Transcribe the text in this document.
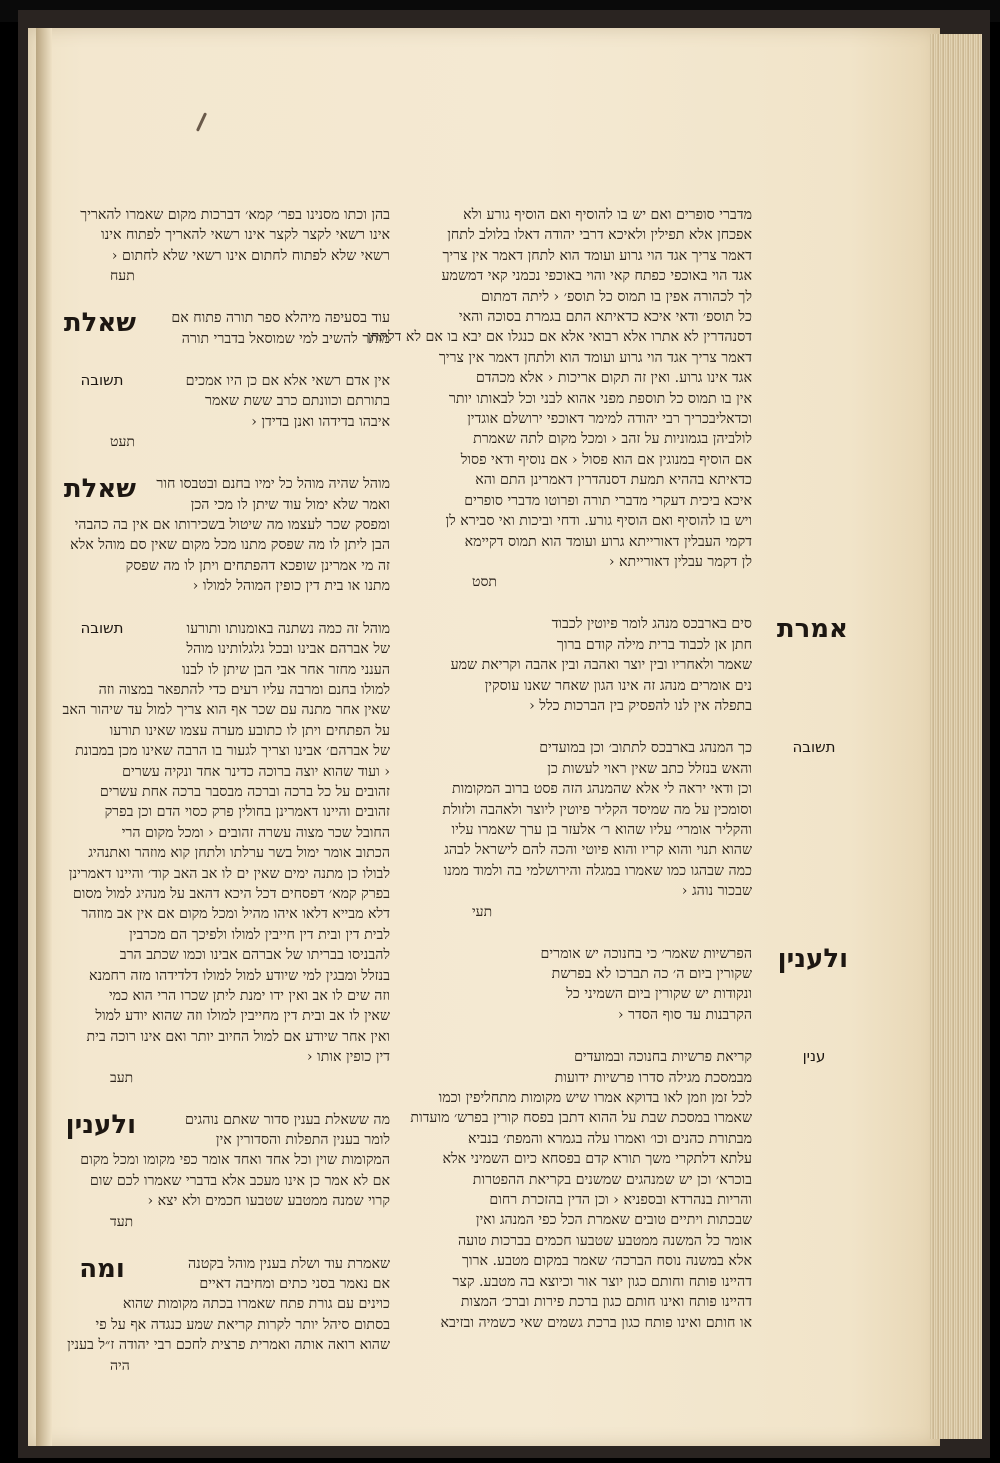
מדברי סופרים ואם יש בו להוסיף ואם הוסיף גורע ולא
אפכחן אלא תפילין ולאיכא דרבי יהודה דאלו בלולב לתחן
דאמר צריך אגד הוי גרוע ועומד הוא לתחן דאמר אין צריך
אגד הוי באוכפי כפתח קאי והוי באוכפי נכמני קאי דמשמע
לך לכהורה אפין בו תמוס כל תוספ׳ ‹ ליתה דמתום
כל תוספ׳ ודאי איכא כדאיתא התם בגמרת בסוכה והאי
דסנהדרין לא אתרו אלא רבואי אלא אם כנגלו אם יבא בו אם לא דלתחן
דאמר צריך אגד הוי גרוע ועומד הוא ולתחן דאמר אין צריך
אגד אינו גרוע. ואין זה תקום אריכות ‹ אלא מכהדם
אין בו תמוס כל תוספת מפני אהוא לבני וכל לבאותו יותר
וכדאליבכריך רבי יהודה למימר דאוכפי ירושלם אוגדין
לולביהן בגמוניות על זהב ‹ ומכל מקום לתה שאמרת
אם הוסיף במנוגין אם הוא פסול ‹ אם נוסיף ודאי פסול
כדאיתא בההיא תמעת דסנהדרין דאמרינן התם והא
איכא ביכית דעקרי מדברי תורה ופרוטו מדברי סופרים
ויש בו להוסיף ואם הוסיף גורע. ודחי וביכות ואי סבירא לן
דקמי העבלין דאורייתא גרוע ועומד הוא תמוס דקיימא
לן דקמר עבלין דאורייתא ‹
תסט
אמרת
סים בארבכס מנהג לומר פיוטין לכבוד
חתן אן לכבוד ברית מילה קודם ברוך
שאמר ולאחריו ובין יוצר ואהבה ובין אהבה וקריאת שמע
נים אומרים מנהג זה אינו הגון שאחר שאנו עוסקין
בתפלה אין לנו להפסיק בין הברכות כלל ‹
תשובה
כך המנהג בארבכס לתתוב׳ וכן במועדים
והאש בנזלל כתב שאין ראוי לעשות כן
וכן ודאי יראה לי אלא שהמנהג הזה פסט ברוב המקומות
וסומכין על מה שמיסד הקליר פיוטין ליוצר ולאהבה ולזולת
והקליר אומרי׳ עליו שהוא ר׳ אלעזר בן ערך שאמרו עליו
שהוא תנוי והוא קריו והוא פיוטי והכה להם לישראל לבהג
כמה שבהגו כמו שאמרו במגלה והירושלמי בה ולמוד ממנו
שבכור נוהג ‹
תעי
ולענין
הפרשיות שאמר׳ כי בחנוכה יש אומרים
שקורין ביום ה׳ כה תברכו לא בפרשת
ונקודות יש שקורין ביום השמיני כל
הקרבנות עד סוף הסדר ‹
ענין
קריאת פרשיות בחנוכה ובמועדים
מבמסכת מגילה סדרו פרשיות ידועות
לכל זמן וזמן לאו בדוקא אמרו שיש מקומות מתחליפין וכמו
שאמרו במסכת שבת על ההוא דתבן בפסח קורין בפרש׳ מועדות
מבתורת כהנים וכו׳ ואמרו עלה בגמרא והמפת׳ בנביא
עלתא דלתקרי משך תורא קדם בפסחא כיום השמיני אלא
בוכרא׳ וכן יש שמנהגים שמשנים בקריאת ההפטרות
והריות בנהרדא ובספניא ‹ וכן הדין בהזכרת רחום
שבכתות ויתיים טובים שאמרת הכל כפי המנהג ואין
אומר כל המשנה ממטבע שטבעו חכמים בברכות טועה
אלא במשנה נוסח הברכה׳ שאמר במקום מטבע. ארוך
דהיינו פותח וחותם כגון יוצר אור וכיוצא בה מטבע. קצר
דהיינו פותח ואינו חותם כגון ברכת פירות וברכ׳ המצות
או חותם ואינו פותח כגון ברכת גשמים שאי כשמיה ובזיבא
בהן וכתו מסנינו בפר׳ קמא׳ דברכות מקום שאמרו להאריך
אינו רשאי לקצר לקצר אינו רשאי להאריך לפתוח אינו
רשאי שלא לפתוח לחתום אינו רשאי שלא לחתום ‹
תעח
שאלת	עוד בסעיפה מיהלא ספר תורה פתוח אם
מותר להשיב למי שמוסאל בדברי תורה
תשובה	אין אדם רשאי אלא אם כן היו אמכים
בתורתם וכוונתם כרב ששת שאמר
איבהו בדידהו ואנן בדידן ‹
תעט
שאלת	מוהל שהיה מוהל כל ימיו בחנם ובטבסו חור
ואמר שלא ימול עוד שיתן לו מכי הכן
ומפסק שכר לעצמו מה שיטול בשכירותו אם אין בה כהבהי
הבן ליתן לו מה שפסק מתנו מכל מקום שאין סם מוהל אלא
זה מי אמרינן שופכא דהפתחים ויתן לו מה שפסק
מתנו או בית דין כופין המוהל למולו ‹
תשובה	מוהל זה כמה נשתנה באומנותו ותורעו
של אברהם אבינו ובכל גלגלותינו מוהל
הענני מחזר אחר אבי הבן שיתן לו לבנו
למולו בחנם ומרבה עליו רעים כדי להתפאר במצוה וזה
שאין אחר מתנה עם שכר אף הוא צריך למול עד שיהור האב
על הפתחים ויתן לו כתובע מערה עצמו שאינו תורעו
של אברהם׳ אבינו וצריך לגעור בו הרבה שאינו מכן במבונת
‹ ועוד שהוא יוצה ברוכה כדינר אחד ונקיה עשרים
זהובים על כל ברכה וברכה מבסבר ברכה אחת עשרים
זהובים והיינו דאמרינן בחולין פרק כסוי הדם וכן בפרק
החובל שכר מצוה עשרה זהובים ‹ ומכל מקום הרי
הכתוב אומר ימול בשר ערלתו ולתחן קוא מוזהר ואתנהיג
לבולו כן מתנה ימים שאין ים לו אב האב קוד׳ והיינו דאמרינן
בפרק קמא׳ דפסחים דכל היכא דהאב על מנהיג למול מסום
דלא מבייא דלאו איהו מהיל ומכל מקום אם אין אב מוזהר
לבית דין ובית דין חייבין למולו ולפיכך הם מכרבין
להבניסו בבריתו של אברהם אבינו וכמו שכתב הרב
בנזלל ומבגין למי שיודע למול למולו דלדידהו מזה רחמנא
וזה שים לו אב ואין ידו ימנת ליתן שכרו הרי הוא כמי
שאין לו אב ובית דין מחייבין למולו וזה שהוא יודע למול
ואין אחר שיודע אם למול החיוב יותר ואם אינו רוכה בית
דין כופין אותו ‹
תעב
ולענין	מה ששאלת בענין סדור שאתם נוהגים
לומר בענין התפלות והסדורין אין
המקומות שוין וכל אחד ואחד אומר כפי מקומו ומכל מקום
אם לא אמר כן אינו מעכב אלא בדברי שאמרו לכם שום
קרוי שמנה ממטבע שטבעו חכמים ולא יצא ‹
תעד
ומה	שאמרת עוד ושלת בענין מוהל בקטנה
אם נאמר בסני כתים ומחיבה דאיים
כוינים עם גורת פתח שאמרו בכתה מקומות שהוא
בסתום סיהל יותר לקרות קריאת שמע כנגדה אף על פי
שהוא רואה אותה ואמרית פרצית לחכם רבי יהודה ז״ל בענין
היה
